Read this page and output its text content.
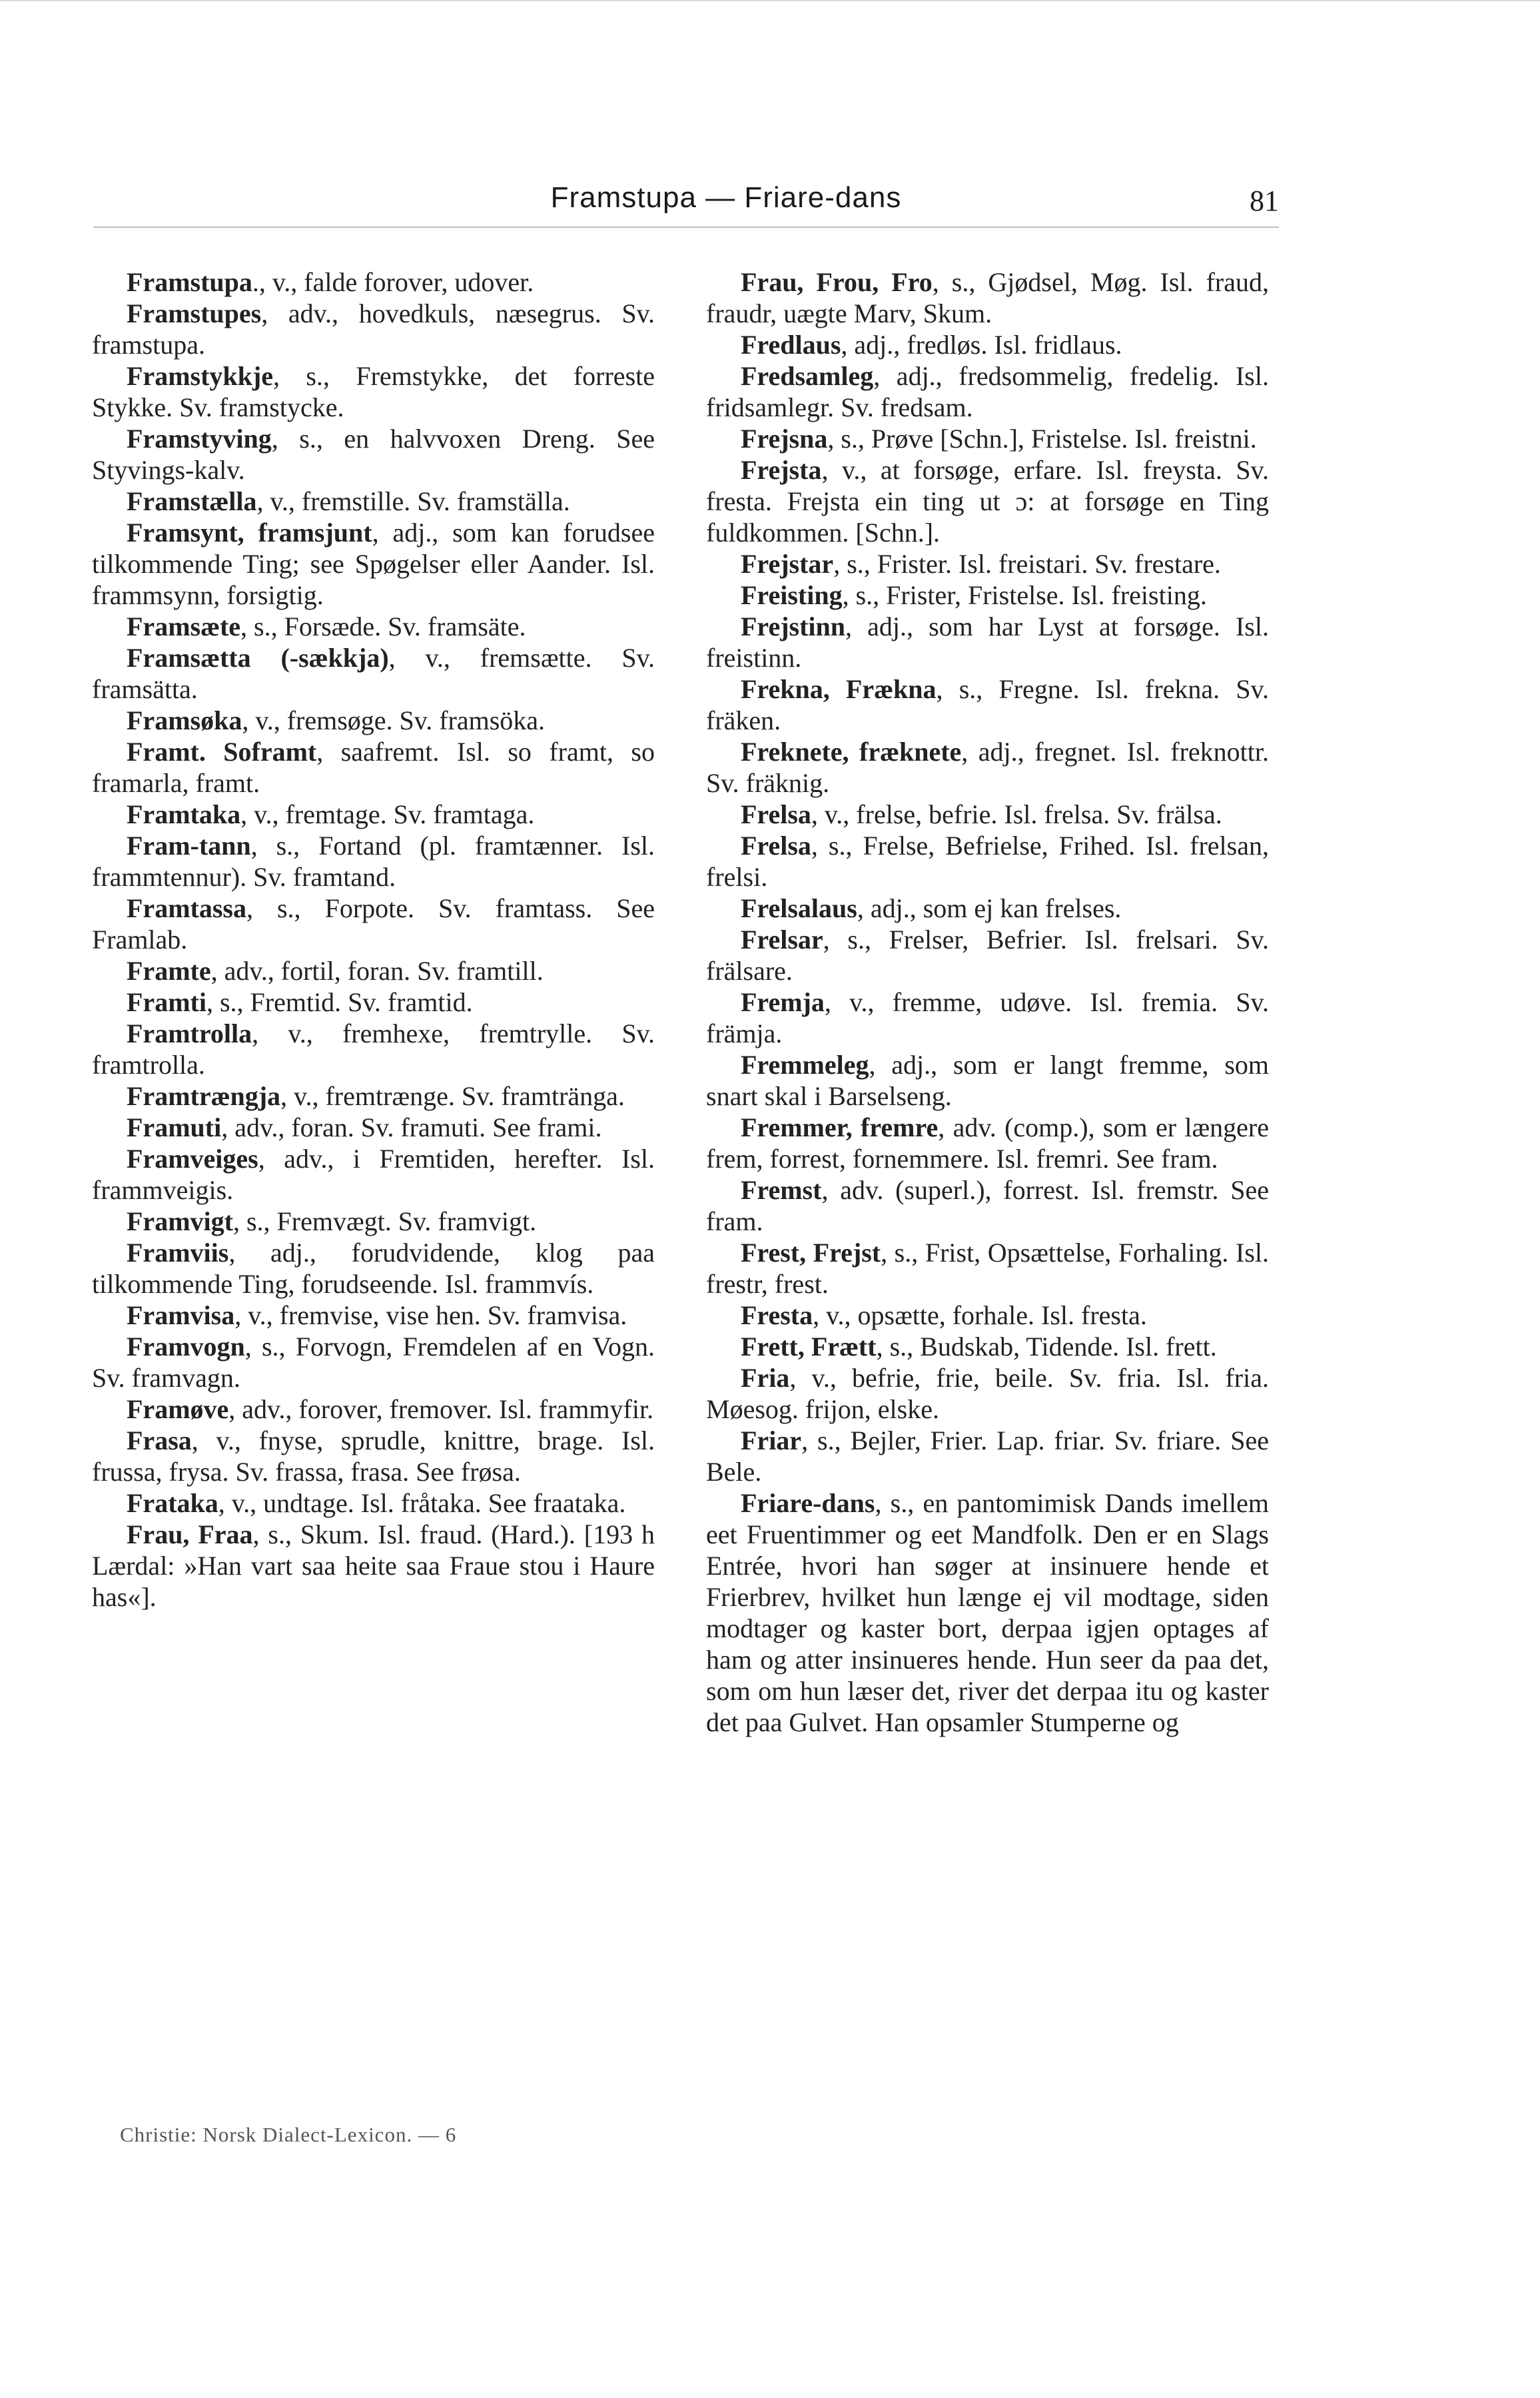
Framstupa — Friare-dans	81

Framstupa., v., falde forover, udover.

Framstupes, adv., hovedkuls, næsegrus. Sv. framstupa.

Framstykkje, s., Fremstykke, det forreste Stykke. Sv. framstycke.

Framstyving, s., en halvvoxen Dreng. See Styvings-kalv.

Framstælla, v., fremstille. Sv. framställa.

Framsynt, framsjunt, adj., som kan forudsee tilkommende Ting; see Spøgelser eller Aander. Isl. frammsynn, forsigtig.

Framsæte, s., Forsæde. Sv. framsäte.

Framsætta (-sækkja), v., fremsætte. Sv. framsätta.

Framsøka, v., fremsøge. Sv. framsöka.

Framt. Soframt, saafremt. Isl. so framt, so framarla, framt.

Framtaka, v., fremtage. Sv. framtaga.

Fram-tann, s., Fortand (pl. framtænner. Isl. frammtennur). Sv. framtand.

Framtassa, s., Forpote. Sv. framtass. See Framlab.

Framte, adv., fortil, foran. Sv. framtill.

Framti, s., Fremtid. Sv. framtid.

Framtrolla, v., fremhexe, fremtrylle. Sv. framtrolla.

Framtrængja, v., fremtrænge. Sv. framtränga.

Framuti, adv., foran. Sv. framuti. See frami.

Framveiges, adv., i Fremtiden, herefter. Isl. frammveigis.

Framvigt, s., Fremvægt. Sv. framvigt.

Framviis, adj., forudvidende, klog paa tilkommende Ting, forudseende. Isl. frammvís.

Framvisa, v., fremvise, vise hen. Sv. framvisa.

Framvogn, s., Forvogn, Fremdelen af en Vogn. Sv. framvagn.

Framøve, adv., forover, fremover. Isl. frammyfir.

Frasa, v., fnyse, sprudle, knittre, brage. Isl. frussa, frysa. Sv. frassa, frasa. See frøsa.

Frataka, v., undtage. Isl. fråtaka. See fraataka.

Frau, Fraa, s., Skum. Isl. fraud. (Hard.). [193 h Lærdal: »Han vart saa heite saa Fraue stou i Haure has«].

Frau, Frou, Fro, s., Gjødsel, Møg. Isl. fraud, fraudr, uægte Marv, Skum.

Fredlaus, adj., fredløs. Isl. fridlaus.

Fredsamleg, adj., fredsommelig, fredelig. Isl. fridsamlegr. Sv. fredsam.

Frejsna, s., Prøve [Schn.], Fristelse. Isl. freistni.

Frejsta, v., at forsøge, erfare. Isl. freysta. Sv. fresta. Frejsta ein ting ut ɔ: at forsøge en Ting fuldkommen. [Schn.].

Frejstar, s., Frister. Isl. freistari. Sv. frestare.

Freisting, s., Frister, Fristelse. Isl. freisting.

Frejstinn, adj., som har Lyst at forsøge. Isl. freistinn.

Frekna, Frækna, s., Fregne. Isl. frekna. Sv. fräken.

Freknete, fræknete, adj., fregnet. Isl. freknottr. Sv. fräknig.

Frelsa, v., frelse, befrie. Isl. frelsa. Sv. frälsa.

Frelsa, s., Frelse, Befrielse, Frihed. Isl. frelsan, frelsi.

Frelsalaus, adj., som ej kan frelses.

Frelsar, s., Frelser, Befrier. Isl. frelsari. Sv. frälsare.

Fremja, v., fremme, udøve. Isl. fremia. Sv. främja.

Fremmeleg, adj., som er langt fremme, som snart skal i Barselseng.

Fremmer, fremre, adv. (comp.), som er længere frem, forrest, fornemmere. Isl. fremri. See fram.

Fremst, adv. (superl.), forrest. Isl. fremstr. See fram.

Frest, Frejst, s., Frist, Opsættelse, Forhaling. Isl. frestr, frest.

Fresta, v., opsætte, forhale. Isl. fresta.

Frett, Frætt, s., Budskab, Tidende. Isl. frett.

Fria, v., befrie, frie, beile. Sv. fria. Isl. fria. Møesog. frijon, elske.

Friar, s., Bejler, Frier. Lap. friar. Sv. friare. See Bele.

Friare-dans, s., en pantomimisk Dands imellem eet Fruentimmer og eet Mandfolk. Den er en Slags Entrée, hvori han søger at insinuere hende et Frierbrev, hvilket hun længe ej vil modtage, siden modtager og kaster bort, derpaa igjen optages af ham og atter insinueres hende. Hun seer da paa det, som om hun læser det, river det derpaa itu og kaster det paa Gulvet. Han opsamler Stumperne og

Christie: Norsk Dialect-Lexicon. — 6
